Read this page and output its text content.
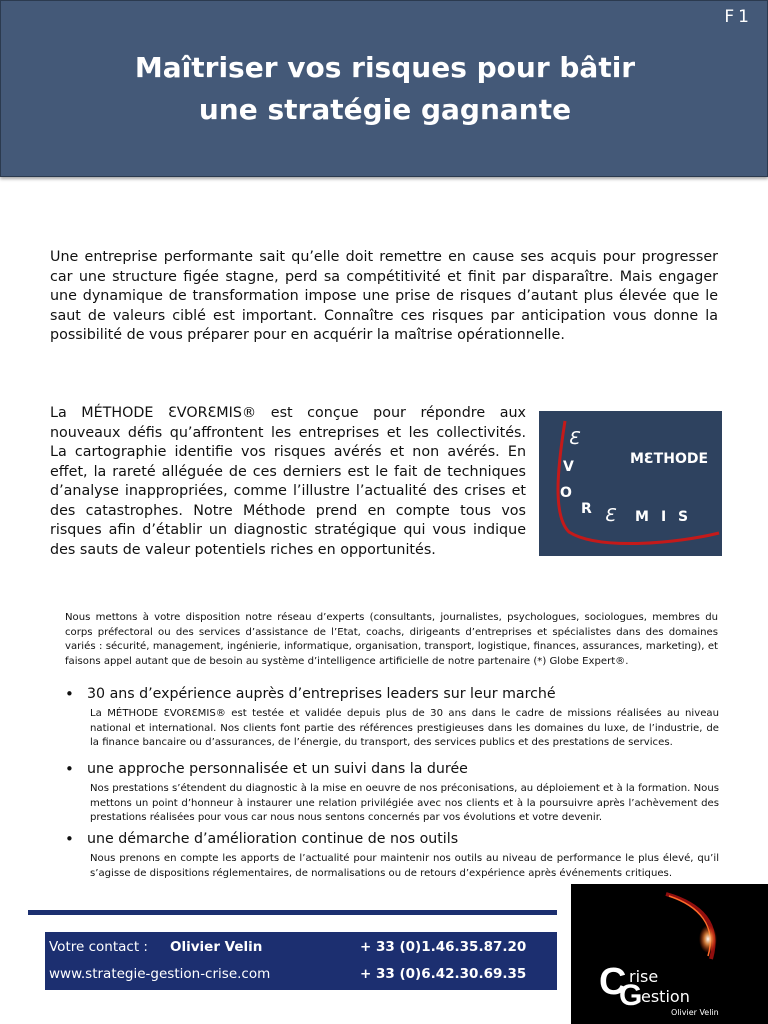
F1
Maîtriser vos risques pour bâtir
une stratégie gagnante

Une entreprise performante sait qu’elle doit remettre en cause ses acquis pour progresser car une structure figée stagne, perd sa compétitivité et finit par disparaître. Mais engager une dynamique de transformation impose une prise de risques d’autant plus élevée que le saut de valeurs ciblé est important. Connaître ces risques par anticipation vous donne la possibilité de vous préparer pour en acquérir la maîtrise opérationnelle.

La MÉTHODE ƐVORƐMIS® est conçue pour répondre aux nouveaux défis qu’affrontent les entreprises et les collectivités. La cartographie identifie vos risques avérés et non avérés. En effet, la rareté alléguée de ces derniers est le fait de techniques d’analyse inappropriées, comme l’illustre l’actualité des crises et des catastrophes. Notre Méthode prend en compte tous vos risques afin d’établir un diagnostic stratégique qui vous indique des sauts de valeur potentiels riches en opportunités.

Ɛ
V
O
R Ɛ M I S
MƐTHODE

Nous mettons à votre disposition notre réseau d’experts (consultants, journalistes, psychologues, sociologues, membres du corps préfectoral ou des services d’assistance de l’Etat, coachs, dirigeants d’entreprises et spécialistes dans des domaines variés : sécurité, management, ingénierie, informatique, organisation, transport, logistique, finances, assurances, marketing), et faisons appel autant que de besoin au système d’intelligence artificielle de notre partenaire (*) Globe Expert®.

• 30 ans d’expérience auprès d’entreprises leaders sur leur marché

La MÉTHODE ƐVORƐMIS® est testée et validée depuis plus de 30 ans dans le cadre de missions réalisées au niveau national et international. Nos clients font partie des références prestigieuses dans les domaines du luxe, de l’industrie, de la finance bancaire ou d’assurances, de l’énergie, du transport, des services publics et des prestations de services.

• une approche personnalisée et un suivi dans la durée

Nos prestations s’étendent du diagnostic à la mise en oeuvre de nos préconisations, au déploiement et à la formation. Nous mettons un point d’honneur à instaurer une relation privilégiée avec nos clients et à la poursuivre après l’achèvement des prestations réalisées pour vous car nous nous sentons concernés par vos évolutions et votre devenir.

• une démarche d’amélioration continue de nos outils

Nous prenons en compte les apports de l’actualité pour maintenir nos outils au niveau de performance le plus élevé, qu’il s’agisse de dispositions réglementaires, de normalisations ou de retours d’expérience après événements critiques.

Votre contact : Olivier Velin	+ 33 (0)1.46.35.87.20
www.strategie-gestion-crise.com	+ 33 (0)6.42.30.69.35 C rise
G
estion
Olivier Velin
